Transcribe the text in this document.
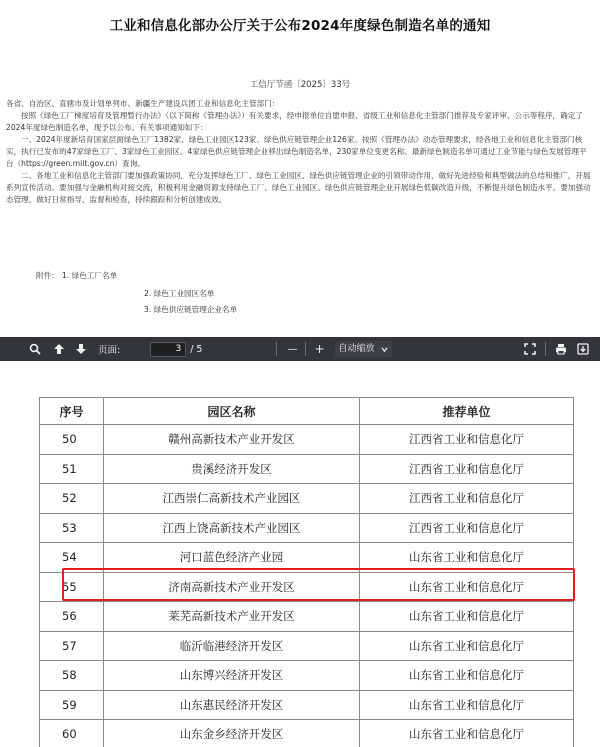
工业和信息化部办公厅关于公布2024年度绿色制造名单的通知
工信厅节函〔2025〕33号

各省、自治区、直辖市及计划单列市、新疆生产建设兵团工业和信息化主管部门：

按照《绿色工厂梯度培育及管理暂行办法》（以下简称《管理办法》）有关要求，经申报单位自愿申报、省级工业和信息化主管部门推荐及专家评审、公示等程序，确定了2024年度绿色制造名单，现予以公布。有关事项通知如下：

一、2024年度新培育国家层面绿色工厂1382家、绿色工业园区123家、绿色供应链管理企业126家。按照《管理办法》动态管理要求，经各地工业和信息化主管部门核实，执行已发布的47家绿色工厂、3家绿色工业园区、4家绿色供应链管理企业移出绿色制造名单，230家单位变更名称。最新绿色制造名单可通过工业节能与绿色发展管理平台（https://green.miit.gov.cn）查询。

二、各地工业和信息化主管部门要加强政策协同，充分发挥绿色工厂、绿色工业园区、绿色供应链管理企业的引领带动作用，做好先进经验和典型做法的总结和推广，开展系列宣传活动。要加强与金融机构对接交流，积极利用金融资源支持绿色工厂、绿色工业园区、绿色供应链管理企业开展绿色低碳改造升级，不断提升绿色制造水平。要加强动态管理，做好日常指导、监督和检查，持续跟踪和分析创建成效。

附件： 1. 绿色工厂名单
2. 绿色工业园区名单
3. 绿色供应链管理企业名单
页面:	3 / 5	— + 自动缩放
序号	园区名称	推荐单位
50	赣州高新技术产业开发区	江西省工业和信息化厅
51	贵溪经济开发区	江西省工业和信息化厅
52	江西崇仁高新技术产业园区	江西省工业和信息化厅
53	江西上饶高新技术产业园区	江西省工业和信息化厅
54	河口蓝色经济产业园	山东省工业和信息化厅
55	济南高新技术产业开发区	山东省工业和信息化厅
56	莱芜高新技术产业开发区	山东省工业和信息化厅
57	临沂临港经济开发区	山东省工业和信息化厅
58	山东博兴经济开发区	山东省工业和信息化厅
59	山东惠民经济开发区	山东省工业和信息化厅
60	山东金乡经济开发区	山东省工业和信息化厅
